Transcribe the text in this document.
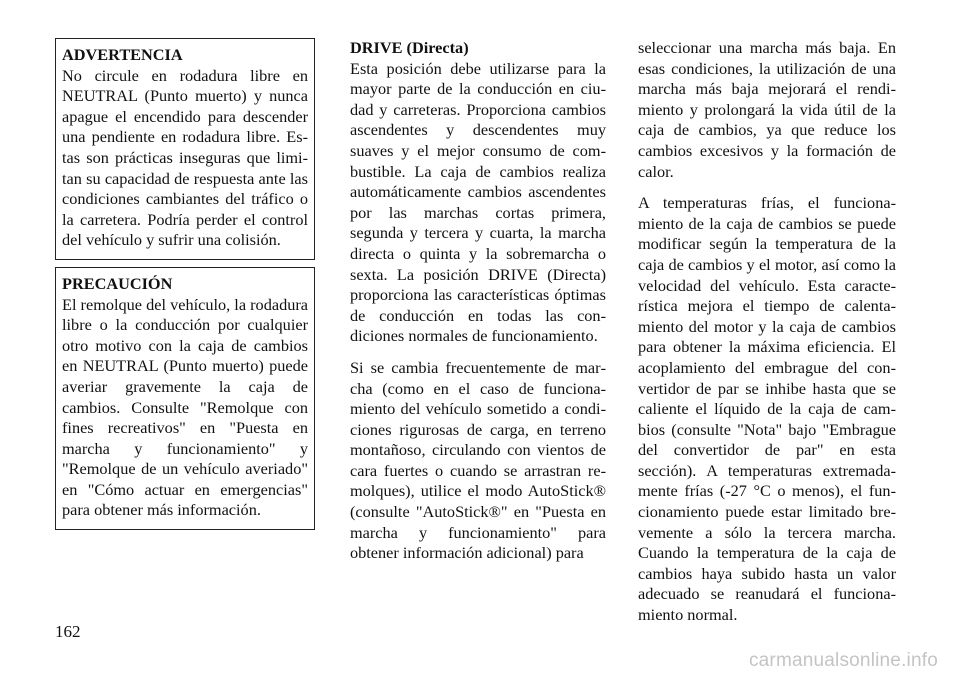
ADVERTENCIA
No circule en rodadura libre en NEUTRAL (Punto muerto) y nunca apague el encendido para descender una pendiente en rodadura libre. Estas son prácticas inseguras que limitan su capacidad de respuesta ante las condiciones cambiantes del tráfico o la carretera. Podría perder el control del vehículo y sufrir una colisión.
PRECAUCIÓN
El remolque del vehículo, la rodadura libre o la conducción por cualquier otro motivo con la caja de cambios en NEUTRAL (Punto muerto) puede averiar gravemente la caja de cambios. Consulte "Remolque con fines recreativos" en "Puesta en marcha y funcionamiento" y "Remolque de un vehículo averiado" en "Cómo actuar en emergencias" para obtener más información.
DRIVE (Directa)

Esta posición debe utilizarse para la mayor parte de la conducción en ciudad y carreteras. Proporciona cambios ascendentes y descendentes muy suaves y el mejor consumo de combustible. La caja de cambios realiza automáticamente cambios ascendentes por las marchas cortas primera, segunda y tercera y cuarta, la marcha directa o quinta y la sobremarcha o sexta. La posición DRIVE (Directa) proporciona las características óptimas de conducción en todas las condiciones normales de funcionamiento.

Si se cambia frecuentemente de marcha (como en el caso de funcionamiento del vehículo sometido a condiciones rigurosas de carga, en terreno montañoso, circulando con vientos de cara fuertes o cuando se arrastran remolques), utilice el modo AutoStick® (consulte "AutoStick®" en "Puesta en marcha y funcionamiento" para obtener información adicional) para

seleccionar una marcha más baja. En esas condiciones, la utilización de una marcha más baja mejorará el rendimiento y prolongará la vida útil de la caja de cambios, ya que reduce los cambios excesivos y la formación de calor.

A temperaturas frías, el funcionamiento de la caja de cambios se puede modificar según la temperatura de la caja de cambios y el motor, así como la velocidad del vehículo. Esta característica mejora el tiempo de calentamiento del motor y la caja de cambios para obtener la máxima eficiencia. El acoplamiento del embrague del convertidor de par se inhibe hasta que se caliente el líquido de la caja de cambios (consulte "Nota" bajo "Embrague del convertidor de par" en esta sección). A temperaturas extremadamente frías (-27 °C o menos), el funcionamiento puede estar limitado brevemente a sólo la tercera marcha. Cuando la temperatura de la caja de cambios haya subido hasta un valor adecuado se reanudará el funcionamiento normal.

162
carmanualsonline.info
